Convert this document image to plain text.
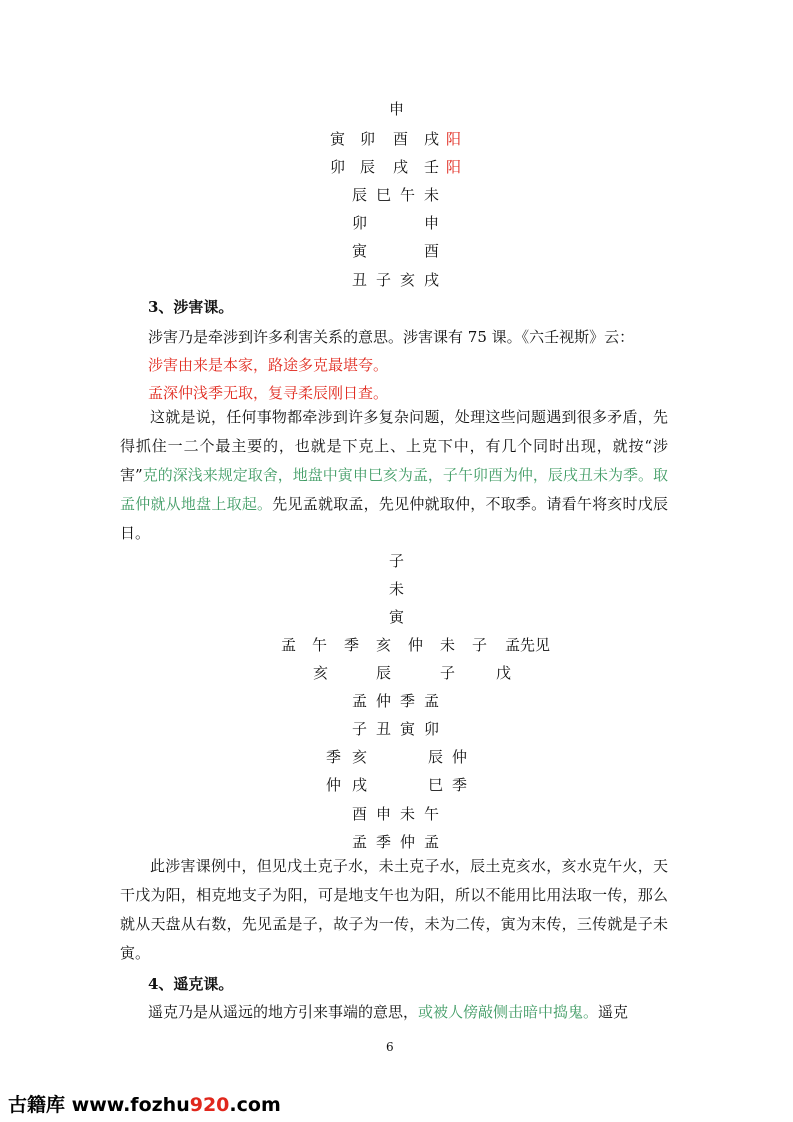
申
寅 卯 酉 戌 阳
卯 辰 戌 壬 阳
辰 巳 午 未
卯	申
寅	酉
丑 子 亥 戌
3、涉害课。
涉害乃是牵涉到许多利害关系的意思。涉害课有 75 课。《六壬视斯》云：
涉害由来是本家，路途多克最堪夸。
孟深仲浅季无取，复寻柔辰刚日查。
这就是说，任何事物都牵涉到许多复杂问题，处理这些问题遇到很多矛盾，先得抓住一二个最主要的，也就是下克上、上克下中，有几个同时出现，就按“涉害”克的深浅来规定取舍，地盘中寅申巳亥为孟，子午卯酉为仲，辰戌丑未为季。取孟仲就从地盘上取起。先见孟就取孟，先见仲就取仲，不取季。请看午将亥时戊辰日。
子
未
寅
孟 午 季 亥 仲 未 子 孟先见
亥	辰	子	戊
孟 仲 季 孟
子 丑 寅 卯
季 亥	辰 仲
仲 戌	巳 季
酉 申 未 午
孟 季 仲 孟
此涉害课例中，但见戊土克子水，未土克子水，辰土克亥水，亥水克午火，天干戊为阳，相克地支子为阳，可是地支午也为阳，所以不能用比用法取一传，那么就从天盘从右数，先见孟是子，故子为一传，未为二传，寅为末传，三传就是子未寅。
4、遥克课。
遥克乃是从遥远的地方引来事端的意思，或被人傍敲侧击暗中捣鬼。遥克
6
古籍库 www.fozhu920.com
